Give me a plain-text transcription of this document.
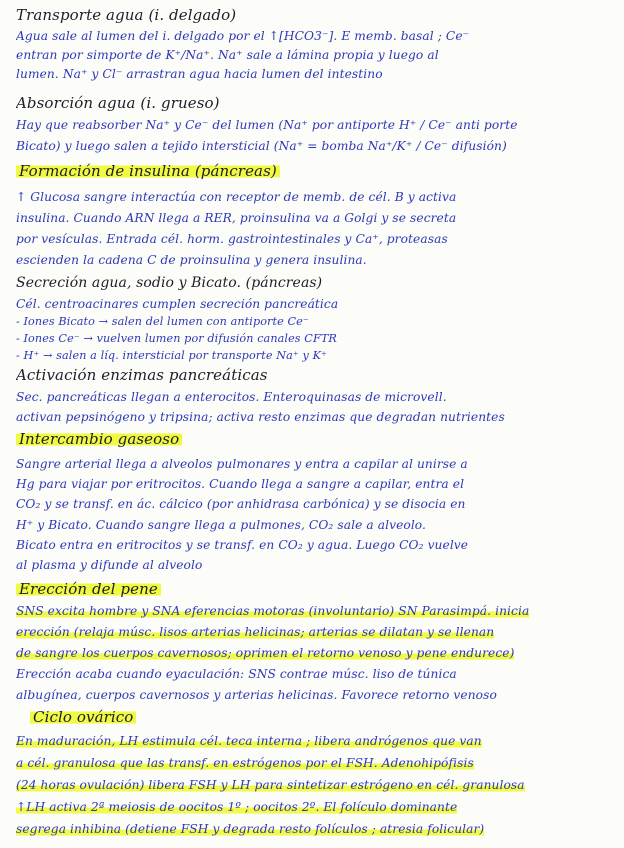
Transporte agua (i. delgado)
Agua sale al lumen del i. delgado por el ↑[HCO3⁻]. E memb. basal ; Ce⁻
entran por simporte de K⁺/Na⁺. Na⁺ sale a lámina propia y luego al
lumen. Na⁺ y Cl⁻ arrastran agua hacia lumen del intestino
Absorción agua (i. grueso)
Hay que reabsorber Na⁺ y Ce⁻ del lumen (Na⁺ por antiporte H⁺ / Ce⁻ anti porte
Bicato) y luego salen a tejido intersticial (Na⁺ = bomba Na⁺/K⁺ / Ce⁻ difusión)
Formación de insulina (páncreas)
↑ Glucosa sangre interactúa con receptor de memb. de cél. B y activa
insulina. Cuando ARN llega a RER, proinsulina va a Golgi y se secreta
por vesículas. Entrada cél. horm. gastrointestinales y Ca⁺, proteasas
escienden la cadena C de proinsulina y genera insulina.
Secreción agua, sodio y Bicato. (páncreas)
Cél. centroacinares cumplen secreción pancreática
- Iones Bicato → salen del lumen con antiporte Ce⁻
- Iones Ce⁻ → vuelven lumen por difusión canales CFTR
- H⁺ → salen a líq. intersticial por transporte Na⁺ y K⁺
Activación enzimas pancreáticas
Sec. pancreáticas llegan a enterocitos. Enteroquinasas de microvell.
activan pepsinógeno y tripsina; activa resto enzimas que degradan nutrientes
Intercambio gaseoso
Sangre arterial llega a alveolos pulmonares y entra a capilar al unirse a
Hg para viajar por eritrocitos. Cuando llega a sangre a capilar, entra el
CO₂ y se transf. en ác. cálcico (por anhidrasa carbónica) y se disocia en
H⁺ y Bicato. Cuando sangre llega a pulmones, CO₂ sale a alveolo.
Bicato entra en eritrocitos y se transf. en CO₂ y agua. Luego CO₂ vuelve
al plasma y difunde al alveolo
Erección del pene
SNS excita hombre y SNA eferencias motoras (involuntario) SN Parasimpá. inicia
erección (relaja músc. lisos arterias helicinas; arterias se dilatan y se llenan
de sangre los cuerpos cavernosos; oprimen el retorno venoso y pene endurece)
Erección acaba cuando eyaculación: SNS contrae músc. liso de túnica
albugínea, cuerpos cavernosos y arterias helicinas. Favorece retorno venoso
Ciclo ovárico
En maduración, LH estimula cél. teca interna ; libera andrógenos que van
a cél. granulosa que las transf. en estrógenos por el FSH. Adenohipófisis
(24 horas ovulación) libera FSH y LH para sintetizar estrógeno en cél. granulosa
↑LH activa 2ª meiosis de oocitos 1º ; oocitos 2º. El folículo dominante
segrega inhibina (detiene FSH y degrada resto folículos ; atresia folicular)
